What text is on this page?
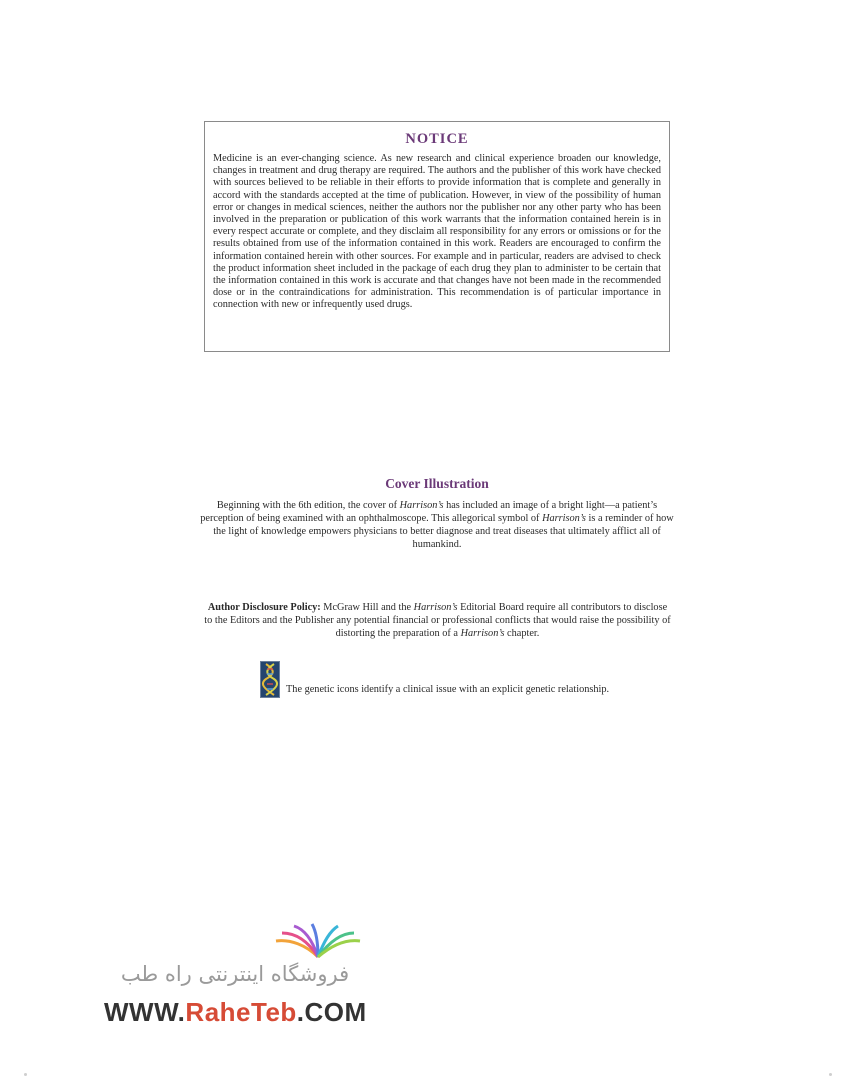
NOTICE

Medicine is an ever-changing science. As new research and clinical experience broaden our knowledge, changes in treatment and drug therapy are required. The authors and the publisher of this work have checked with sources believed to be reliable in their efforts to provide information that is complete and generally in accord with the standards accepted at the time of publication. However, in view of the possibility of human error or changes in medical sciences, neither the authors nor the publisher nor any other party who has been involved in the preparation or publication of this work warrants that the information contained herein is in every respect accurate or complete, and they disclaim all responsibility for any errors or omissions or for the results obtained from use of the information contained in this work. Readers are encouraged to confirm the information contained herein with other sources. For example and in particular, readers are advised to check the product information sheet included in the package of each drug they plan to administer to be certain that the information contained in this work is accurate and that changes have not been made in the recommended dose or in the contraindications for administration. This recommendation is of particular importance in connection with new or infrequently used drugs.

Cover Illustration

Beginning with the 6th edition, the cover of Harrison’s has included an image of a bright light—a patient’s perception of being examined with an ophthalmoscope. This allegorical symbol of Harrison’s is a reminder of how the light of knowledge empowers physicians to better diagnose and treat diseases that ultimately afflict all of humankind.

Author Disclosure Policy: McGraw Hill and the Harrison’s Editorial Board require all contributors to disclose to the Editors and the Publisher any potential financial or professional conflicts that would raise the possibility of distorting the preparation of a Harrison’s chapter.

The genetic icons identify a clinical issue with an explicit genetic relationship.
فروشگاه اینترنتی راه طب
WWW.RaheTeb.COM
